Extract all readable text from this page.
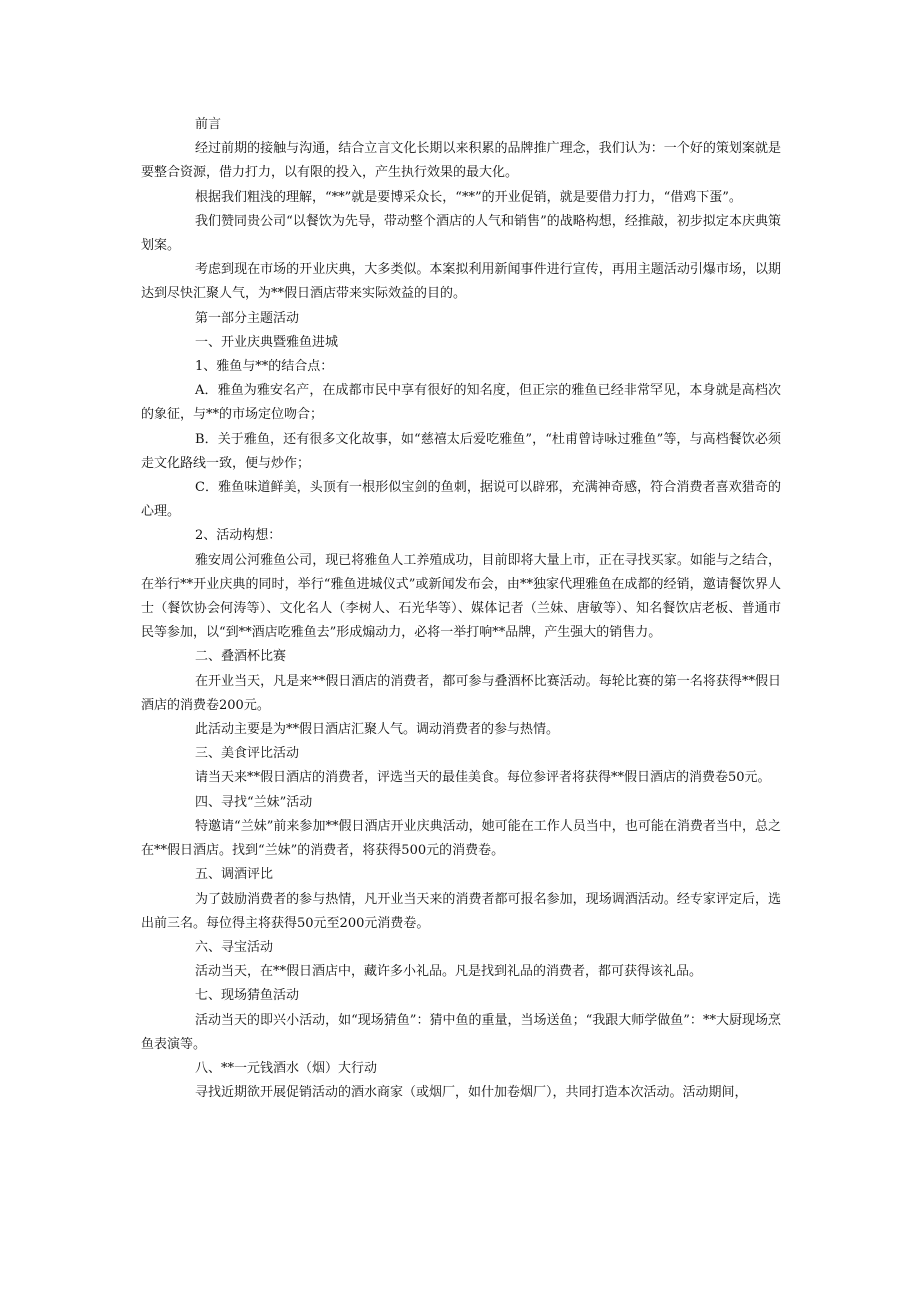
前言

经过前期的接触与沟通，结合立言文化长期以来积累的品牌推广理念，我们认为：一个好的策划案就是要整合资源，借力打力，以有限的投入，产生执行效果的最大化。

根据我们粗浅的理解，“**”就是要博采众长，“**”的开业促销，就是要借力打力，“借鸡下蛋”。

我们赞同贵公司“以餐饮为先导，带动整个酒店的人气和销售”的战略构想，经推敲，初步拟定本庆典策划案。

考虑到现在市场的开业庆典，大多类似。本案拟利用新闻事件进行宣传，再用主题活动引爆市场，以期达到尽快汇聚人气，为**假日酒店带来实际效益的目的。

第一部分主题活动

一、开业庆典暨雅鱼进城

1、雅鱼与**的结合点：

A．雅鱼为雅安名产，在成都市民中享有很好的知名度，但正宗的雅鱼已经非常罕见，本身就是高档次的象征，与**的市场定位吻合；

B．关于雅鱼，还有很多文化故事，如“慈禧太后爱吃雅鱼”，“杜甫曾诗咏过雅鱼”等，与高档餐饮必须走文化路线一致，便与炒作；

C．雅鱼味道鲜美，头顶有一根形似宝剑的鱼刺，据说可以辟邪，充满神奇感，符合消费者喜欢猎奇的心理。

2、活动构想：

雅安周公河雅鱼公司，现已将雅鱼人工养殖成功，目前即将大量上市，正在寻找买家。如能与之结合，在举行**开业庆典的同时，举行“雅鱼进城仪式”或新闻发布会，由**独家代理雅鱼在成都的经销，邀请餐饮界人士（餐饮协会何涛等）、文化名人（李树人、石光华等）、媒体记者（兰妹、唐敏等）、知名餐饮店老板、普通市民等参加，以“到**酒店吃雅鱼去”形成煽动力，必将一举打响**品牌，产生强大的销售力。

二、叠酒杯比赛

在开业当天，凡是来**假日酒店的消费者，都可参与叠酒杯比赛活动。每轮比赛的第一名将获得**假日酒店的消费卷200元。

此活动主要是为**假日酒店汇聚人气。调动消费者的参与热情。

三、美食评比活动

请当天来**假日酒店的消费者，评选当天的最佳美食。每位参评者将获得**假日酒店的消费卷50元。

四、寻找“兰妹”活动

特邀请“兰妹”前来参加**假日酒店开业庆典活动，她可能在工作人员当中，也可能在消费者当中，总之在**假日酒店。找到“兰妹”的消费者，将获得500元的消费卷。

五、调酒评比

为了鼓励消费者的参与热情，凡开业当天来的消费者都可报名参加，现场调酒活动。经专家评定后，选出前三名。每位得主将获得50元至200元消费卷。

六、寻宝活动

活动当天，在**假日酒店中，藏许多小礼品。凡是找到礼品的消费者，都可获得该礼品。

七、现场猜鱼活动

活动当天的即兴小活动，如“现场猜鱼”：猜中鱼的重量，当场送鱼；“我跟大师学做鱼”：**大厨现场烹鱼表演等。

八、**一元钱酒水（烟）大行动

寻找近期欲开展促销活动的酒水商家（或烟厂，如什加卷烟厂），共同打造本次活动。活动期间，
